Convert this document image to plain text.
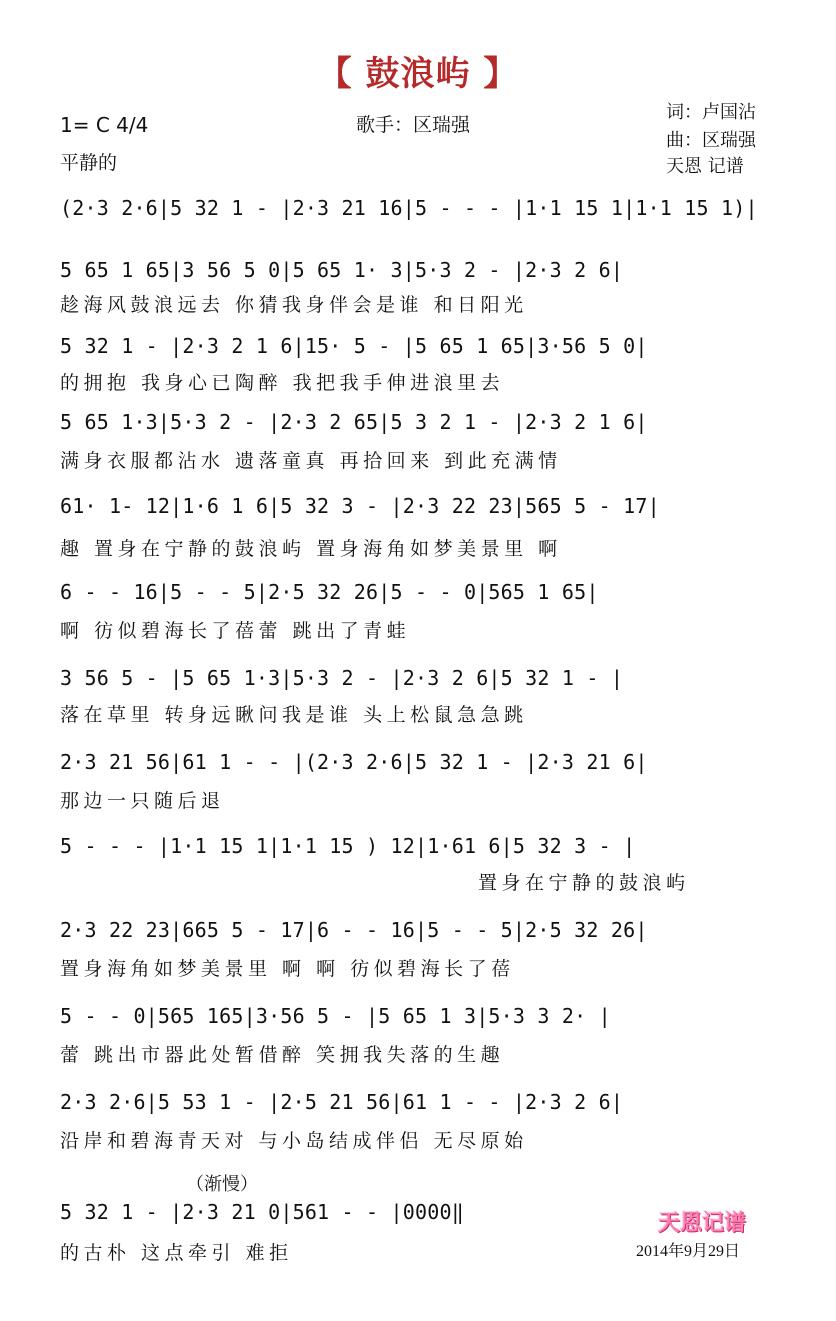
【 鼓浪屿 】
1= C 4/4
平静的
歌手：区瑞强
词：卢国沾
曲：区瑞强
天恩 记谱
(2·3 2·6|5 32 1 - |2·3 21 16|5 - - - |1·1 15 1|1·1 15 1)|
5 65 1 65|3 56 5 0|5 65 1· 3|5·3 2 - |2·3 2 6|
趁海风鼓浪远去 你猜我身伴会是谁 和日阳光
5 32 1 - |2·3 2 1 6|15· 5 - |5 65 1 65|3·56 5 0|
的拥抱 我身心已陶醉 我把我手伸进浪里去
5 65 1·3|5·3 2 - |2·3 2 65|5 3 2 1 - |2·3 2 1 6|
满身衣服都沾水 遗落童真 再拾回来 到此充满情
61· 1- 12|1·6 1 6|5 32 3 - |2·3 22 23|565 5 - 17|
趣 置身在宁静的鼓浪屿 置身海角如梦美景里 啊
6 - - 16|5 - - 5|2·5 32 26|5 - - 0|565 1 65|
啊 彷似碧海长了蓓蕾 跳出了青蛙
3 56 5 - |5 65 1·3|5·3 2 - |2·3 2 6|5 32 1 - |
落在草里 转身远瞅问我是谁 头上松鼠急急跳
2·3 21 56|61 1 - - |(2·3 2·6|5 32 1 - |2·3 21 6|
那边一只随后退
5 - - - |1·1 15 1|1·1 15 ) 12|1·61 6|5 32 3 - |
置身在宁静的鼓浪屿
2·3 22 23|665 5 - 17|6 - - 16|5 - - 5|2·5 32 26|
置身海角如梦美景里 啊 啊 彷似碧海长了蓓
5 - - 0|565 165|3·56 5 - |5 65 1 3|5·3 3 2· |
蕾 跳出市器此处暂借醉 笑拥我失落的生趣
2·3 2·6|5 53 1 - |2·5 21 56|61 1 - - |2·3 2 6|
沿岸和碧海青天对 与小岛结成伴侣 无尽原始
（渐慢）
5 32 1 - |2·3 21 0|561 - - |0000‖
的古朴 这点牵引 难拒
天恩记谱
2014年9月29日
